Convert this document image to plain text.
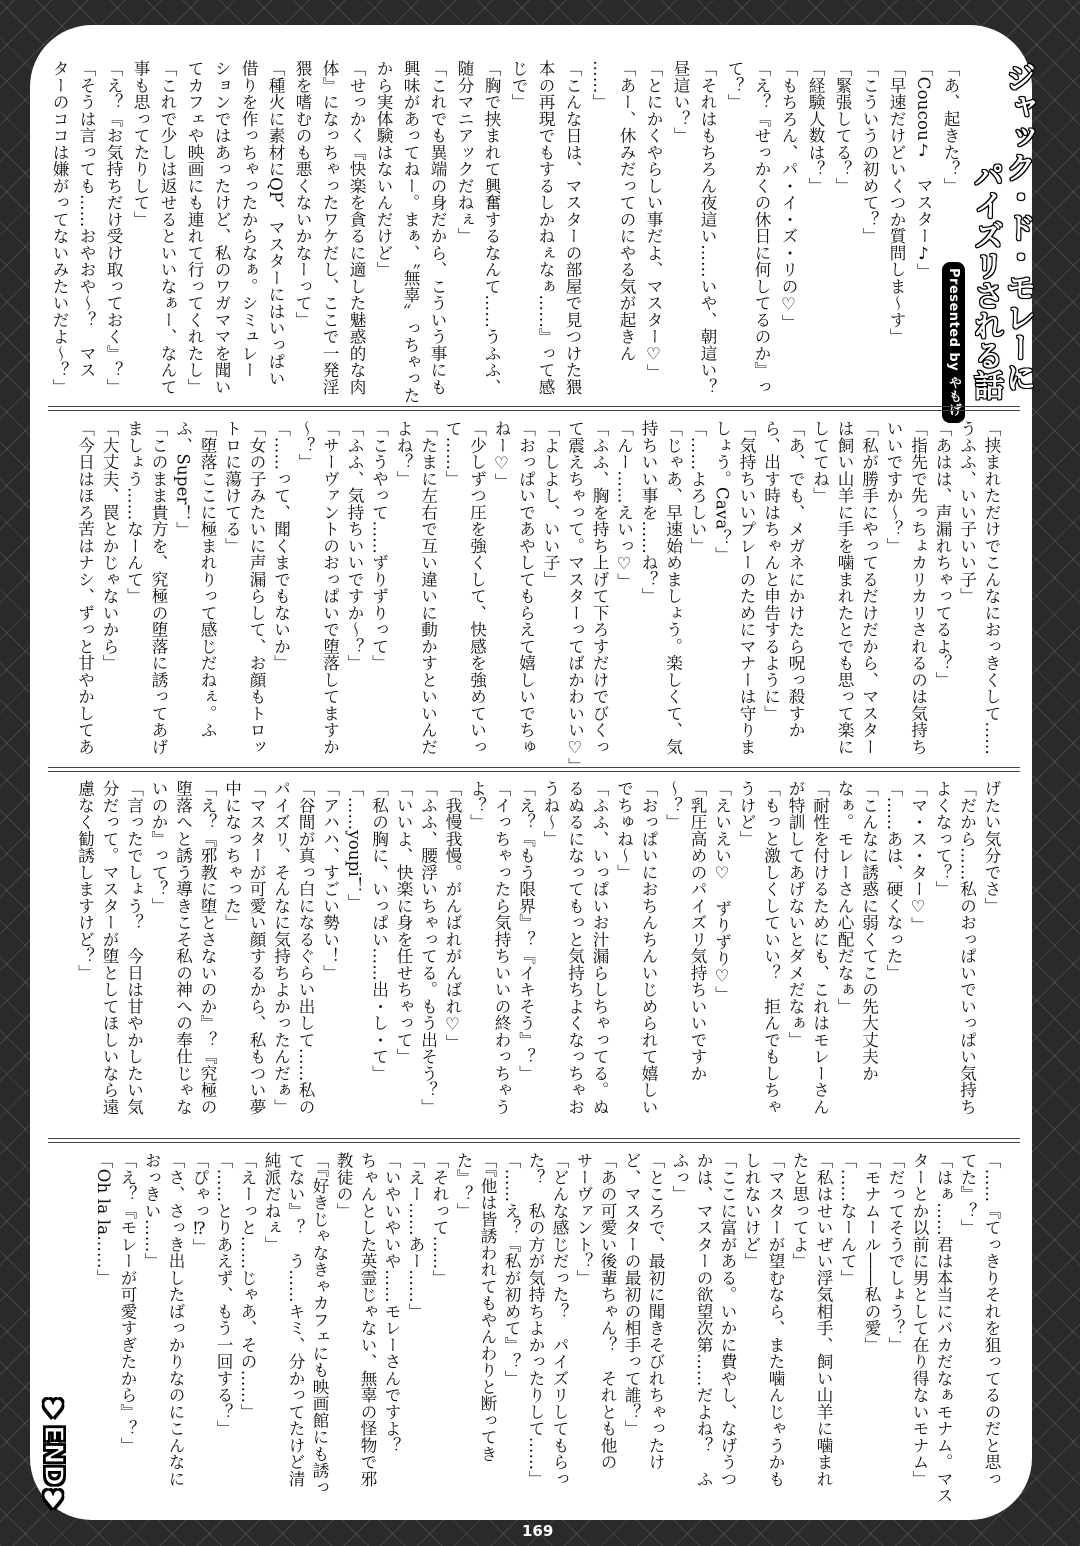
ジャック・ド・モレーに
パイズリされる話
Presented by やもげ
「あ、起きた？」
「Coucou♪　マスター♪」
「早速だけどいくつか質問しま〜す」
「こういうの初めて？」
「緊張してる？」
「経験人数は？」
「もちろん、パ・イ・ズ・リの♡」
「え？『せっかくの休日に何してるのか』っ
て？」
「それはもちろん夜這い……いや、朝這い？
昼這い？」
「とにかくやらしい事だよ、マスター♡」
「あー、休みだってのにやる気が起きん
……」
「こんな日は、マスターの部屋で見つけた猥
本の再現でもするしかねぇなぁ……』って感
じで」
「胸で挟まれて興奮するなんて……うふふ、
随分マニアックだねぇ」
「これでも異端の身だから、こういう事にも
興味があってねー。まぁ、〝無辜〟っちゃった
から実体験はないんだけど」
「せっかく『快楽を貪るに適した魅惑的な肉
体』になっちゃったワケだし、ここで一発淫
猥を嗜むのも悪くないかなーって」
「種火に素材にQP、マスターにはいっぱい
借りを作っちゃったからなぁ。シミュレー
ションではあったけど、私のワガママを聞い
てカフェや映画にも連れて行ってくれたし」
「これで少しは返せるといいなぁー、なんて
事も思ってたりして」
「え？『お気持ちだけ受け取っておく』？」
「そうは言っても……おやおや〜？　マス
ターのココは嫌がってないみたいだよ〜？」
「挟まれただけでこんなにおっきくして……
うふふ、いい子いい子」
「あはは、声漏れちゃってるよ？」
「指先で先っちょカリカリされるのは気持ち
いいですか〜？」
「私が勝手にやってるだけだから、マスター
は飼い山羊に手を噛まれたとでも思って楽に
しててね」
「あ、でも、メガネにかけたら呪っ殺すか
ら、出す時はちゃんと申告するように」
「気持ちいいプレーのためにマナーは守りま
しょう。Cava？」
「……よろしい」
「じゃあ、早速始めましょう。楽しくて、気
持ちいい事を……ね？」
「んー……えいっ♡」
「ふふ、胸を持ち上げて下ろすだけでびくっ
て震えちゃって。マスターってばかわいい♡」
「よしよし、いい子」
「おっぱいであやしてもらえて嬉しいでちゅ
ねー♡」
「少しずつ圧を強くして、快感を強めていっ
て……」
「たまに左右で互い違いに動かすといいんだ
よね？」
「こうやって……ずりずりって」
「ふふ、気持ちいいですか〜？」
「サーヴァントのおっぱいで堕落してますか
〜？」
「……って、聞くまでもないか」
「女の子みたいに声漏らして、お顔もトロッ
トロに蕩けてる」
「堕落ここに極まれりって感じだねぇ。ふ
ふ、Super！」
「このまま貴方を、究極の堕落に誘ってあげ
ましょう……なーんて」
「大丈夫、罠とかじゃないから」
「今日はほろ苦はナシ、ずっと甘やかしてあ
げたい気分でさ」
「だから……私のおっぱいでいっぱい気持ち
よくなって？」
「マ・ス・ター♡」
「……あは、硬くなった」
「こんなに誘惑に弱くてこの先大丈夫か
なぁ。モレーさん心配だなぁ」
「耐性を付けるためにも、これはモレーさん
が特訓してあげないとダメだなぁ」
「もっと激しくしていい？　拒んでもしちゃ
うけど」
「えいえい♡　ずりずり♡」
「乳圧高めのパイズリ気持ちいいですか
〜？」
「おっぱいにおちんちんいじめられて嬉しい
でちゅね〜」
「ふふ、いっぱいお汁漏らしちゃってる。ぬ
るぬるになってもっと気持ちよくなっちゃお
うね〜」
「え？『もう限界』？『イキそう』？」
「イっちゃったら気持ちいいの終わっちゃう
よ？」
「我慢我慢。がんばれがんばれ♡」
「ふふ、腰浮いちゃってる。もう出そう？」
「いいよ、快楽に身を任せちゃって」
「私の胸に、いっぱい……出・し・て」
「……youpi！」
「アハハ、すごい勢い！」
「谷間が真っ白になるぐらい出して……私の
パイズリ、そんなに気持ちよかったんだぁ」
「マスターが可愛い顔するから、私もつい夢
中になっちゃった」
「え？『邪教に堕とさないのか』？『究極の
堕落へと誘う導きこそ私の神への奉仕じゃな
いのか』って？」
「言ったでしょう？　今日は甘やかしたい気
分だって。マスターが堕としてほしいなら遠
慮なく勧誘しますけど？」
「……『てっきりそれを狙ってるのだと思っ
てた』？」
「はぁ……君は本当にバカだなぁモナム。マス
ターとか以前に男として在り得ないモナム」
「だってそうでしょう？」
「モナムール――私の愛」
「……なーんて」
「私はせいぜい浮気相手、飼い山羊に噛まれ
たと思ってよ」
「マスターが望むなら、また噛んじゃうかも
しれないけど」
「ここに富がある。いかに費やし、なげうつ
かは、マスターの欲望次第……だよね？　ふ
ふっ」
「ところで、最初に聞きそびれちゃったけ
ど、マスターの最初の相手って誰？」
「あの可愛い後輩ちゃん？　それとも他の
サーヴァント？」
「どんな感じだった？　パイズリしてもらっ
た？　私の方が気持ちよかったりして……」
「……え？『私が初めて』？」
「『他は皆誘われてもやんわりと断ってき
た』？」
「それって……」
「えー……あー……」
「いやいやいや……モレーさんですよ？
ちゃんとした英霊じゃない、無辜の怪物で邪
教徒の」
「『好きじゃなきゃカフェにも映画館にも誘っ
てない』？　う……キミ、分かってたけど清
純派だねぇ」
「えーっと……じゃあ、その……」
「……とりあえず、もう一回する？」
「ぴゃっ⁉」
「さ、さっき出したばっかりなのにこんなに
おっきい……」
「え？『モレーが可愛すぎたから』？」
「Oh la la……」
♥END♥
169
